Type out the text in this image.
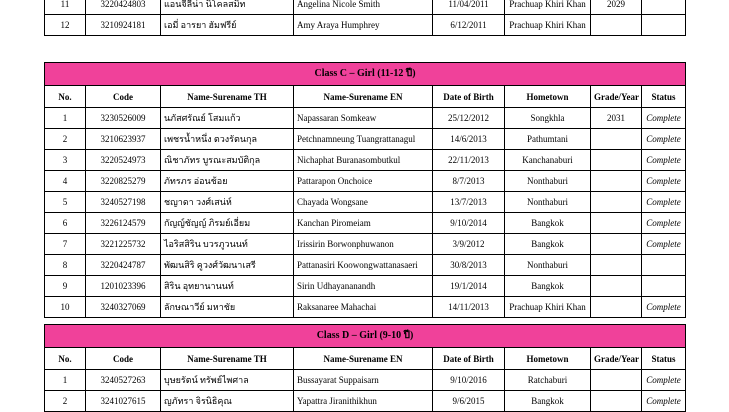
11	3220424803	แอนจีลีน่า นิโคลสมิท	Angelina Nicole Smith	11/04/2011	Prachuap Khiri Khan	2029	
12	3210924181	เอมี่ อารยา ฮัมฟรีย์	Amy Araya Humphrey	6/12/2011	Prachuap Khiri Khan		
Class C – Girl (11-12 ปี)							
No.	Code	Name-Surename TH	Name-Surename EN	Date of Birth	Hometown	Grade/Year	Status
1	3230526009	นภัสศรัณย์ โสมแก้ว	Napassaran Somkeaw	25/12/2012	Songkhla	2031	Complete
2	3210623937	เพชรน้ำหนึ่ง ตวงรัตนกุล	Petchnamneung Tuangrattanagul	14/6/2013	Pathumtani		Complete
3	3220524973	ณิชาภัทร บูรณะสมบัติกุล	Nichaphat Buranasombutkul	22/11/2013	Kanchanaburi		Complete
4	3220825279	ภัทรภร อ่อนช้อย	Pattarapon Onchoice	8/7/2013	Nonthaburi		Complete
5	3240527198	ชญาดา วงศ์เสน่ห์	Chayada Wongsane	13/7/2013	Nonthaburi		Complete
6	3226124579	กัญญ์ชัญญ์ ภิรมย์เอี่ยม	Kanchan Piromeiam	9/10/2014	Bangkok		Complete
7	3221225732	ไอริสสิริน บวรภูวนนท์	Irissirin Borwonphuwanon	3/9/2012	Bangkok		Complete
8	3220424787	พัฒนสิริ คูวงศ์วัฒนาเสรี	Pattanasiri Koowongwattanasaeri	30/8/2013	Nonthaburi		
9	1201023396	สิริน อุทยานานนท์	Sirin Udhayananandh	19/1/2014	Bangkok		
10	3240327069	ลักษณาวีย์ มหาชัย	Raksanaree Mahachai	14/11/2013	Prachuap Khiri Khan		Complete
Class D – Girl (9-10 ปี)							
No.	Code	Name-Surename TH	Name-Surename EN	Date of Birth	Hometown	Grade/Year	Status
1	3240527263	บุษยรัตน์ ทรัพย์ไพศาล	Bussayarat Suppaisarn	9/10/2016	Ratchaburi		Complete
2	3241027615	ญภัทรา จิรนิธิคุณ	Yapattra Jiranithikhun	9/6/2015	Bangkok		Complete
